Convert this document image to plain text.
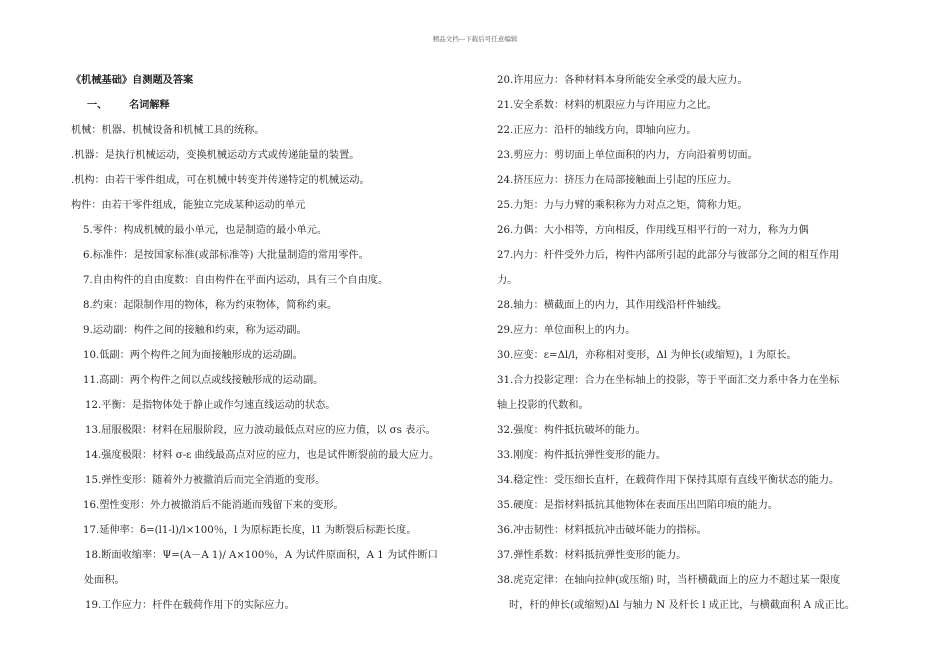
精品文档---下载后可任意编辑
《机械基础》自测题及答案
一、 名词解释
机械：机器、机械设备和机械工具的统称。
.机器：是执行机械运动，变换机械运动方式或传递能量的装置。
.机构：由若干零件组成，可在机械中转变并传递特定的机械运动。
构件：由若干零件组成，能独立完成某种运动的单元
5.零件：构成机械的最小单元，也是制造的最小单元。
6.标准件：是按国家标准(或部标准等) 大批量制造的常用零件。
7.自由构件的自由度数：自由构件在平面内运动，具有三个自由度。
8.约束：起限制作用的物体，称为约束物体，简称约束。
9.运动副：构件之间的接触和约束，称为运动副。
10.低副：两个构件之间为面接触形成的运动副。
11.高副：两个构件之间以点或线接触形成的运动副。
12.平衡：是指物体处于静止或作匀速直线运动的状态。
13.屈服极限：材料在屈服阶段，应力波动最低点对应的应力值，以 σs 表示。
14.强度极限：材料 σ-ε 曲线最高点对应的应力，也是试件断裂前的最大应力。
15.弹性变形：随着外力被撤消后而完全消逝的变形。
16.塑性变形：外力被撤消后不能消逝而残留下来的变形。
17.延伸率：δ=(l1-l)/l×100％，l 为原标距长度，l1 为断裂后标距长度。
18.断面收缩率：Ψ=(Α－Α 1)/ Α×100％，Α 为试件原面积，Α 1 为试件断口
处面积。
19.工作应力：杆件在载荷作用下的实际应力。
20.许用应力：各种材料本身所能安全承受的最大应力。
21.安全系数：材料的机限应力与许用应力之比。
22.正应力：沿杆的轴线方向，即轴向应力。
23.剪应力：剪切面上单位面积的内力，方向沿着剪切面。
24.挤压应力：挤压力在局部接触面上引起的压应力。
25.力矩：力与力臂的乘积称为力对点之矩，简称力矩。
26.力偶：大小相等，方向相反，作用线互相平行的一对力，称为力偶
27.内力：杆件受外力后，构件内部所引起的此部分与彼部分之间的相互作用
力。
28.轴力：横截面上的内力，其作用线沿杆件轴线。
29.应力：单位面积上的内力。
30.应变：ε=Δl/l，亦称相对变形，Δl 为伸长(或缩短)，l 为原长。
31.合力投影定理：合力在坐标轴上的投影，等于平面汇交力系中各力在坐标
轴上投影的代数和。
32.强度：构件抵抗破坏的能力。
33.刚度：构件抵抗弹性变形的能力。
34.稳定性：受压细长直杆，在载荷作用下保持其原有直线平衡状态的能力。
35.硬度：是指材料抵抗其他物体在表面压出凹陷印痕的能力。
36.冲击韧性：材料抵抗冲击破坏能力的指标。
37.弹性系数：材料抵抗弹性变形的能力。
38.虎克定律：在轴向拉伸(或压缩) 时，当杆横截面上的应力不超过某一限度
时，杆的伸长(或缩短)Δl 与轴力 N 及杆长 l 成正比，与横截面积 A 成正比。
